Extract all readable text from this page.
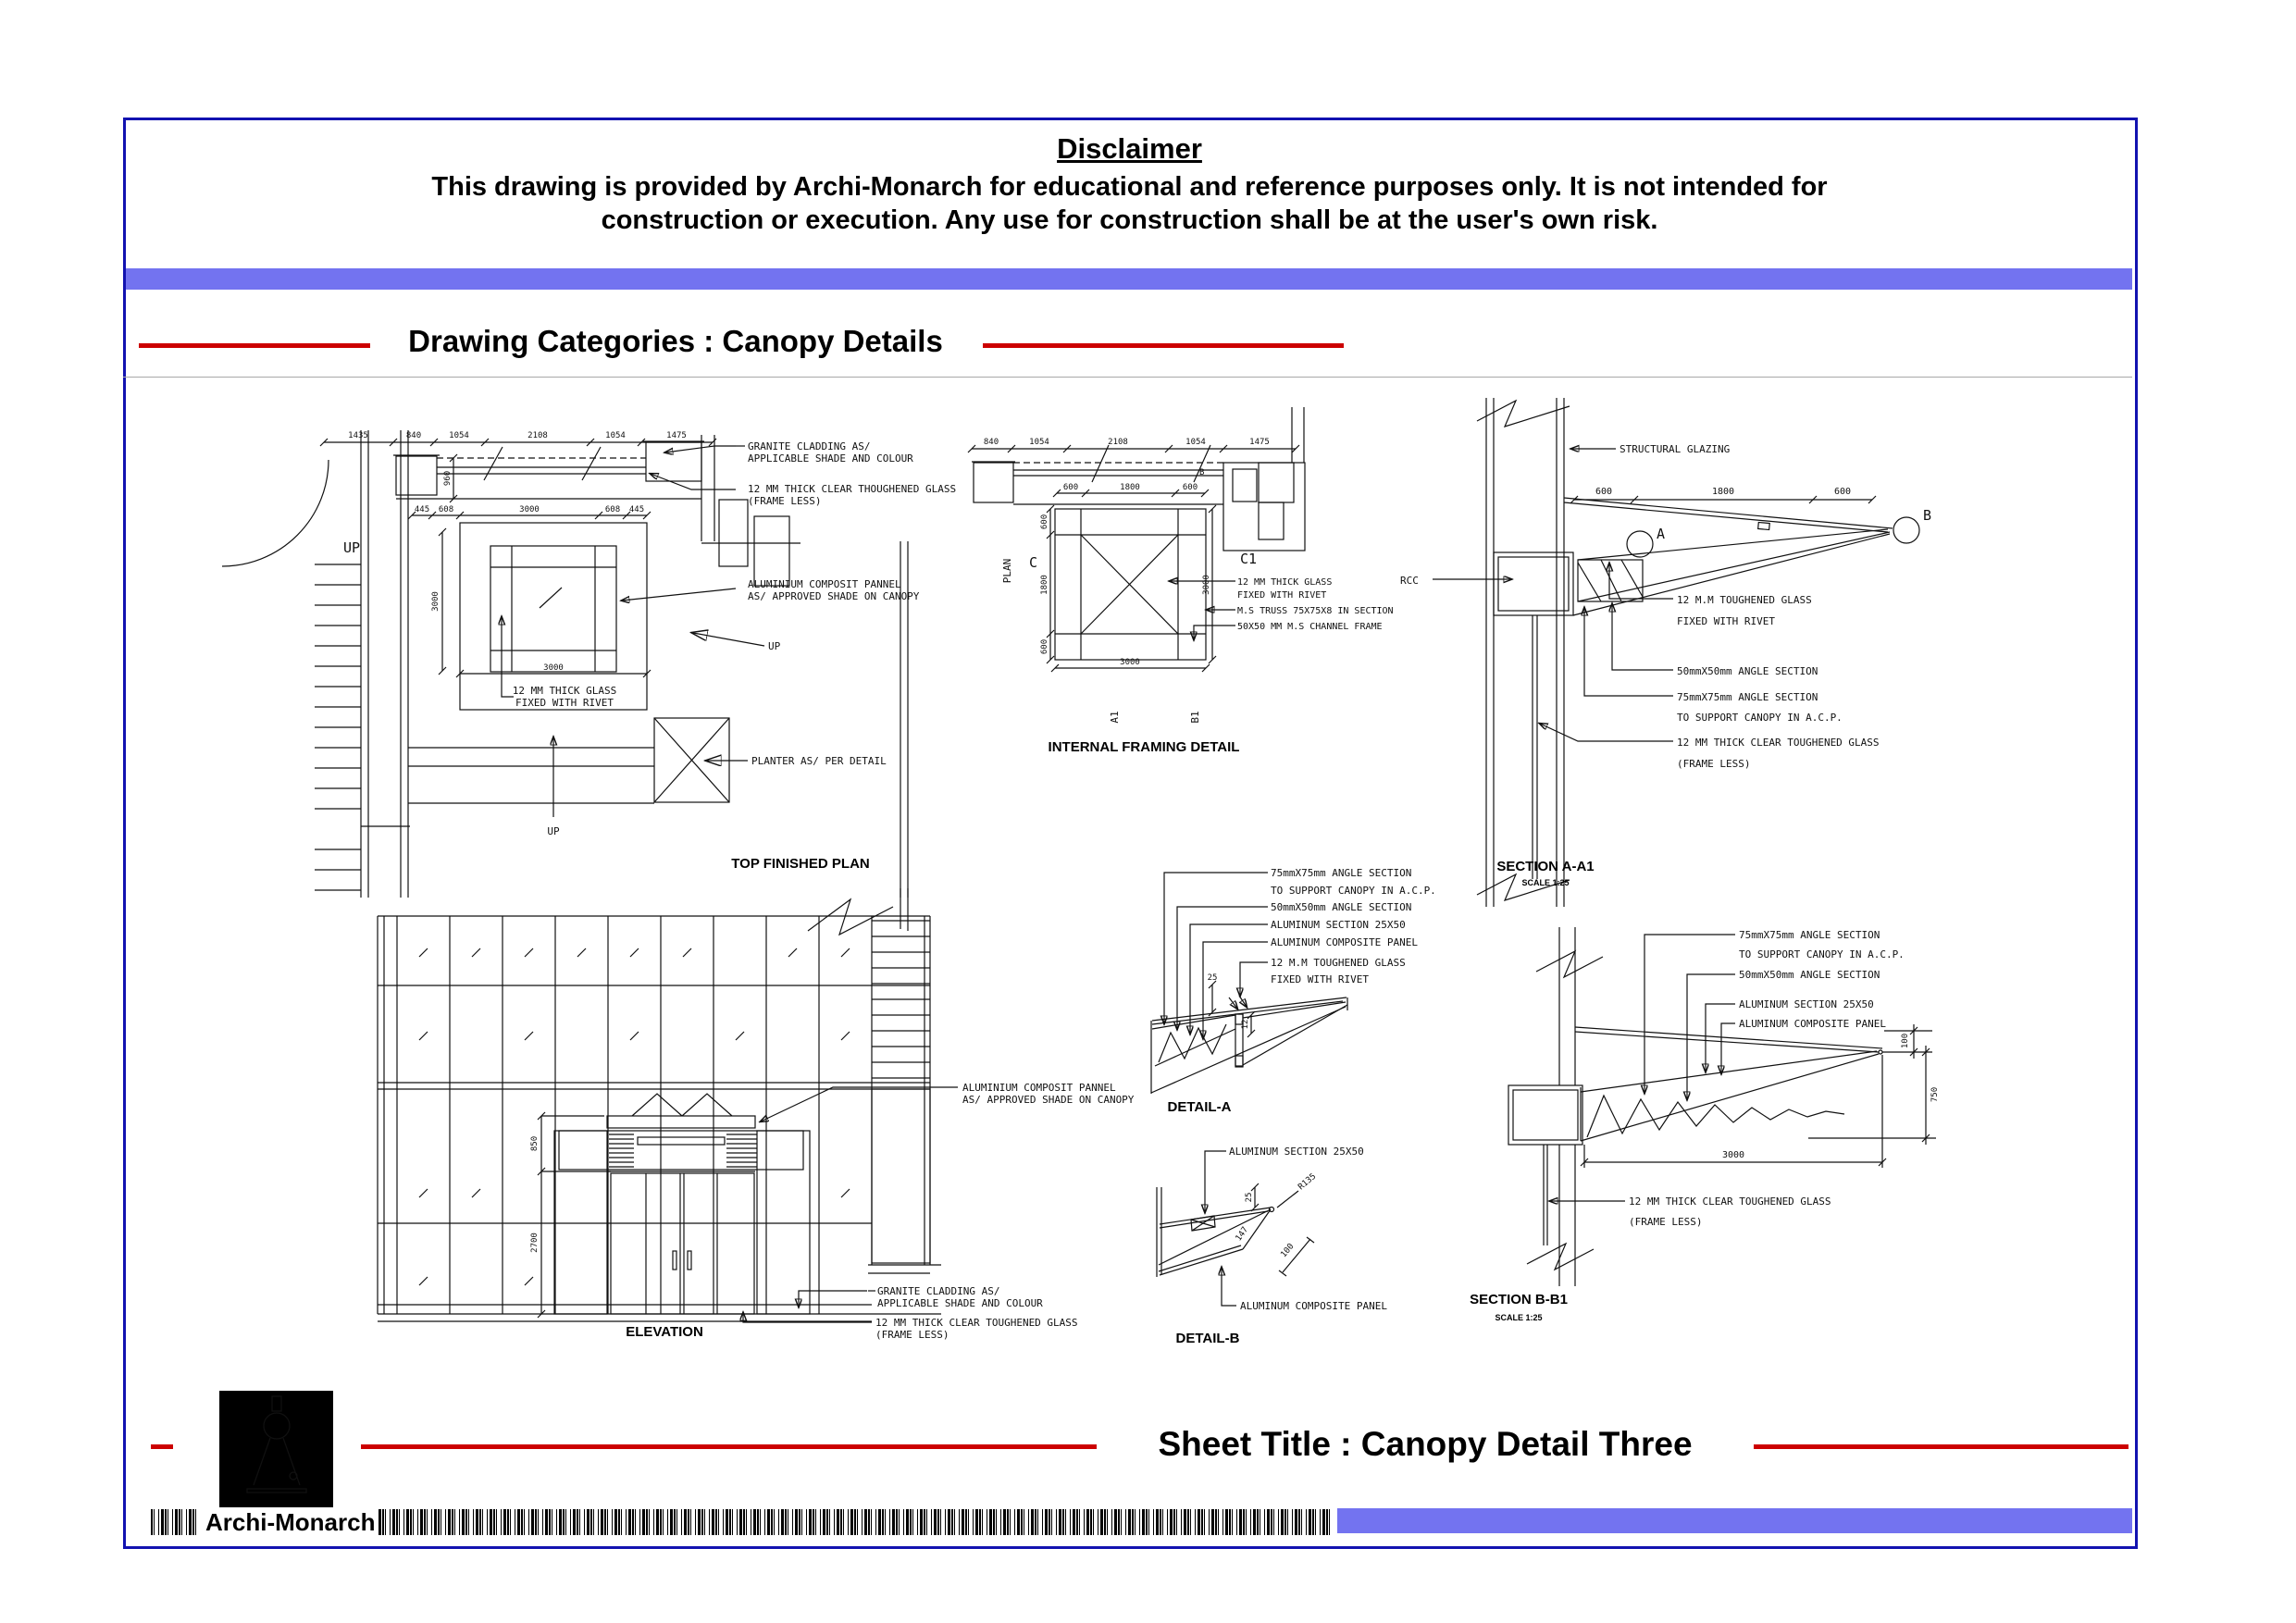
Disclaimer
This drawing is provided by Archi-Monarch for educational and reference purposes only. It is not intended for
construction or execution. Any use for construction shall be at the user's own risk.
Drawing Categories : Canopy Details
1435	840	1054	2108	1054	1475
445 608	3000	608 445
960
3000
3000
UP
UP
GRANITE CLADDING AS/
APPLICABLE SHADE AND COLOUR
12 MM THICK CLEAR THOUGHENED GLASS
(FRAME LESS)
ALUMINIUM COMPOSIT PANNEL
AS/ APPROVED SHADE ON CANOPY
UP
PLANTER AS/ PER DETAIL
12 MM THICK GLASS
FIXED WITH RIVET
TOP FINISHED PLAN
840	1054	2108	1054	1475
600	1800	600
600
1800
600
3000
3000
PLAN C	C1
B
A1	B1
12 MM THICK GLASS
FIXED WITH RIVET
M.S TRUSS 75X75X8 IN SECTION
50X50 MM M.S CHANNEL FRAME
INTERNAL FRAMING DETAIL
STRUCTURAL GLAZING
600	1800	600
RCC
A
B
12 M.M TOUGHENED GLASS
FIXED WITH RIVET
50mmX50mm ANGLE SECTION
75mmX75mm ANGLE SECTION
TO SUPPORT CANOPY IN A.C.P.
12 MM THICK CLEAR TOUGHENED GLASS
(FRAME LESS)
SECTION A-A1
SCALE 1:25
850
2700
ALUMINIUM COMPOSIT PANNEL
AS/ APPROVED SHADE ON CANOPY
GRANITE CLADDING AS/
APPLICABLE SHADE AND COLOUR
12 MM THICK CLEAR TOUGHENED GLASS
(FRAME LESS)
ELEVATION
75mmX75mm ANGLE SECTION
TO SUPPORT CANOPY IN A.C.P.
50mmX50mm ANGLE SECTION
ALUMINUM SECTION 25X50
ALUMINUM COMPOSITE PANEL
12 M.M TOUGHENED GLASS
FIXED WITH RIVET
25
12
DETAIL-A
ALUMINUM SECTION 25X50
25
R135
147
100
ALUMINUM COMPOSITE PANEL
DETAIL-B
75mmX75mm ANGLE SECTION
TO SUPPORT CANOPY IN A.C.P.
50mmX50mm ANGLE SECTION
ALUMINUM SECTION 25X50
ALUMINUM COMPOSITE PANEL
12 MM THICK CLEAR TOUGHENED GLASS
(FRAME LESS)
100
750
3000
SECTION B-B1
SCALE 1:25
Sheet Title : Canopy Detail Three
Archi-Monarch
